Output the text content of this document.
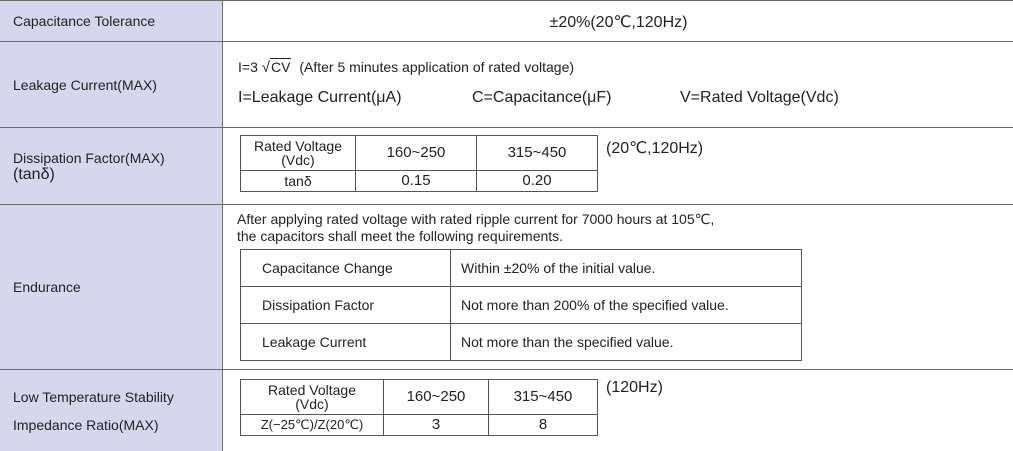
Capacitance Tolerance	±20%(20℃,120Hz)
Leakage Current(MAX)
I=3 √CV (After 5 minutes application of rated voltage)
I=Leakage Current(μA)	C=Capacitance(μF)	V=Rated Voltage(Vdc)
Dissipation Factor(MAX)
(tanδ)
Rated Voltage
(Vdc)	160~250	315~450
tanδ	0.15	0.20
(20℃,120Hz)
Endurance
After applying rated voltage with rated ripple current for 7000 hours at 105℃,
the capacitors shall meet the following requirements.
Capacitance Change	Within ±20% of the initial value.
Dissipation Factor	Not more than 200% of the specified value.
Leakage Current	Not more than the specified value.
Low Temperature Stability
Impedance Ratio(MAX)
Rated Voltage
(Vdc)	160~250	315~450
Z(−25℃)/Z(20℃)	3	8
(120Hz)
